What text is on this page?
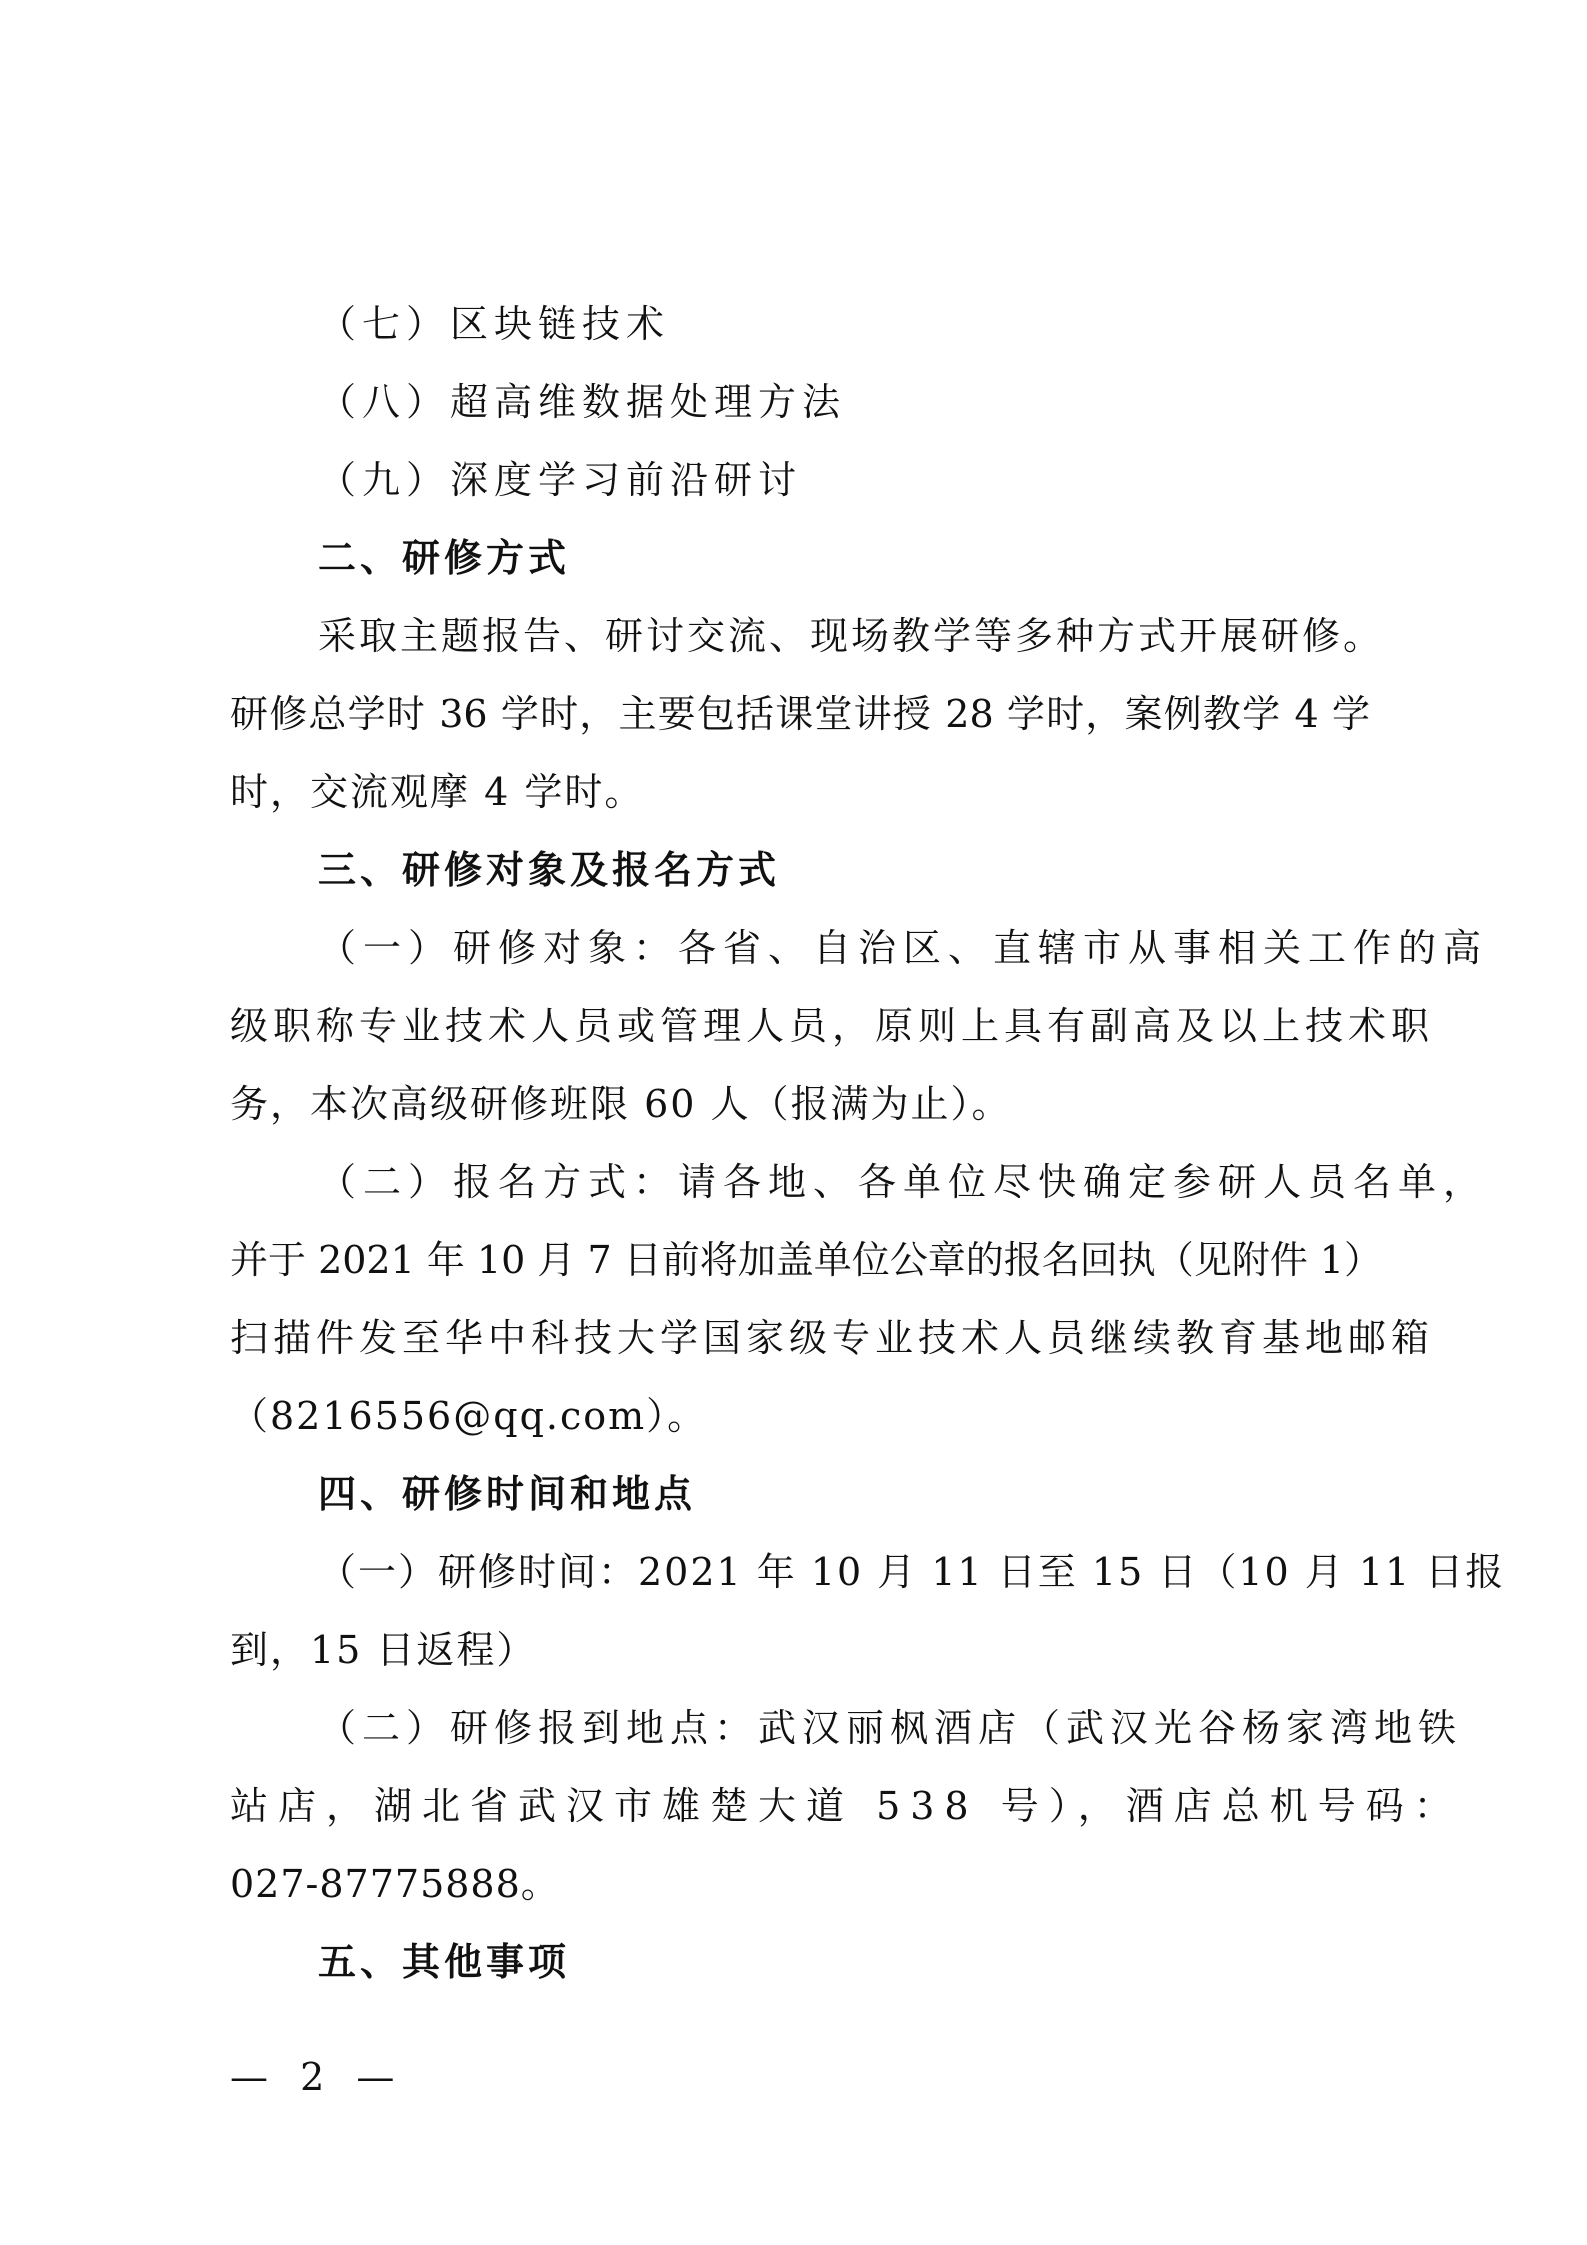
（七）区块链技术
（八）超高维数据处理方法
（九）深度学习前沿研讨
二、研修方式
采取主题报告、研讨交流、现场教学等多种方式开展研修。
研修总学时 36 学时，主要包括课堂讲授 28 学时，案例教学 4 学
时，交流观摩 4 学时。
三、研修对象及报名方式
（一）研修对象：各省、自治区、直辖市从事相关工作的高
级职称专业技术人员或管理人员，原则上具有副高及以上技术职
务，本次高级研修班限 60 人（报满为止）。
（二）报名方式：请各地、各单位尽快确定参研人员名单，
并于 2021 年 10 月 7 日前将加盖单位公章的报名回执（见附件 1）
扫描件发至华中科技大学国家级专业技术人员继续教育基地邮箱
（8216556@qq.com）。
四、研修时间和地点
（一）研修时间：2021 年 10 月 11 日至 15 日（10 月 11 日报
到，15 日返程）
（二）研修报到地点：武汉丽枫酒店（武汉光谷杨家湾地铁
站店，湖北省武汉市雄楚大道 538 号），酒店总机号码：
027-87775888。
五、其他事项
— 2 —
